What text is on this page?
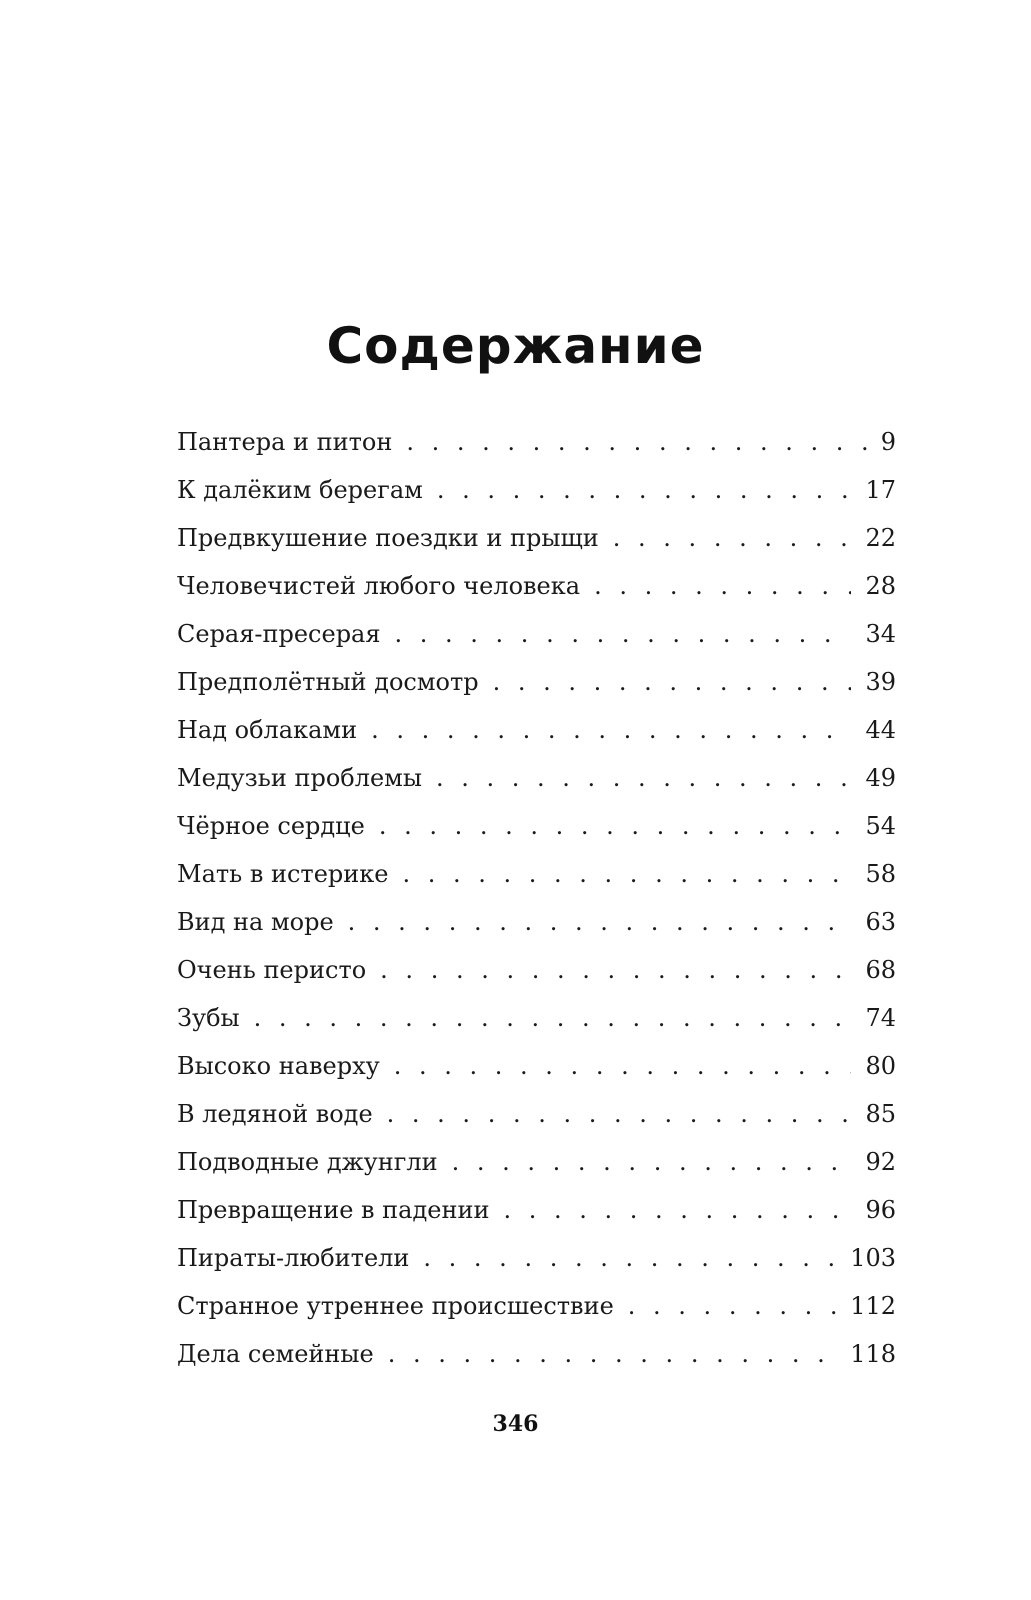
Содержание
Пантера и питон . . .	9
К далёким берегам . . .	17
Предвкушение поездки и прыщи . . .	22
Человечистей любого человека . . .	28
Серая-пресерая . . .	34
Предполётный досмотр . . .	39
Над облаками . . .	44
Медузьи проблемы . . .	49
Чёрное сердце . . .	54
Мать в истерике . . .	58
Вид на море . . .	63
Очень перисто . . .	68
Зубы . . .	74
Высоко наверху . . .	80
В ледяной воде . . .	85
Подводные джунгли . . .	92
Превращение в падении . . .	96
Пираты-любители . . .	103
Странное утреннее происшествие . . .	112
Дела семейные . . .	118
346
